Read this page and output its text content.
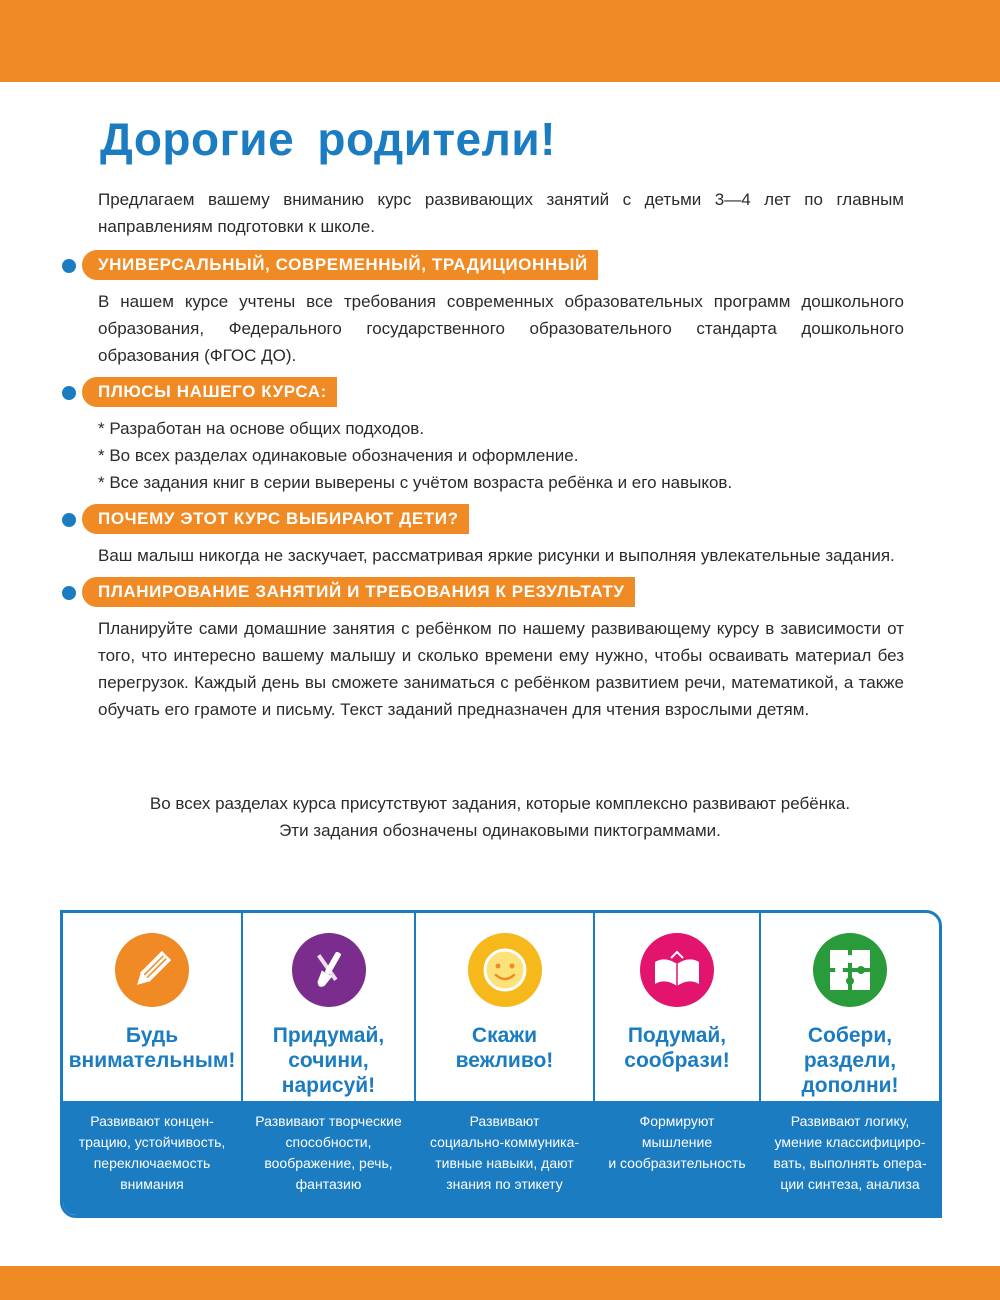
Дорогие родители!

Предлагаем вашему вниманию курс развивающих занятий с детьми 3—4 лет по главным направлениям подготовки к школе.

УНИВЕРСАЛЬНЫЙ, СОВРЕМЕННЫЙ, ТРАДИЦИОННЫЙ

В нашем курсе учтены все требования современных образовательных программ дошкольного образования, Федерального государственного образовательного стандарта дошкольного образования (ФГОС ДО).

ПЛЮСЫ НАШЕГО КУРСА:

* Разработан на основе общих подходов.

* Во всех разделах одинаковые обозначения и оформление.

* Все задания книг в серии выверены с учётом возраста ребёнка и его навыков.

ПОЧЕМУ ЭТОТ КУРС ВЫБИРАЮТ ДЕТИ?

Ваш малыш никогда не заскучает, рассматривая яркие рисунки и выполняя увлекательные задания.

ПЛАНИРОВАНИЕ ЗАНЯТИЙ И ТРЕБОВАНИЯ К РЕЗУЛЬТАТУ

Планируйте сами домашние занятия с ребёнком по нашему развивающему курсу в зависимости от того, что интересно вашему малышу и сколько времени ему нужно, чтобы осваивать материал без перегрузок. Каждый день вы сможете заниматься с ребёнком развитием речи, математикой, а также обучать его грамоте и письму. Текст заданий предназначен для чтения взрослыми детям.

Во всех разделах курса присутствуют задания, которые комплексно развивают ребёнка.
Эти задания обозначены одинаковыми пиктограммами.
Будь
внимательным!
Развивают концен-
трацию, устойчивость,
переключаемость
внимания
Придумай,
сочини,
нарисуй!
Развивают творческие
способности,
воображение, речь,
фантазию
Скажи
вежливо!
Развивают
социально-коммуника-
тивные навыки, дают
знания по этикету
Подумай,
сообрази!
Формируют
мышление
и сообразительность
Собери,
раздели,
дополни!
Развивают логику,
умение классифициро-
вать, выполнять опера-
ции синтеза, анализа
